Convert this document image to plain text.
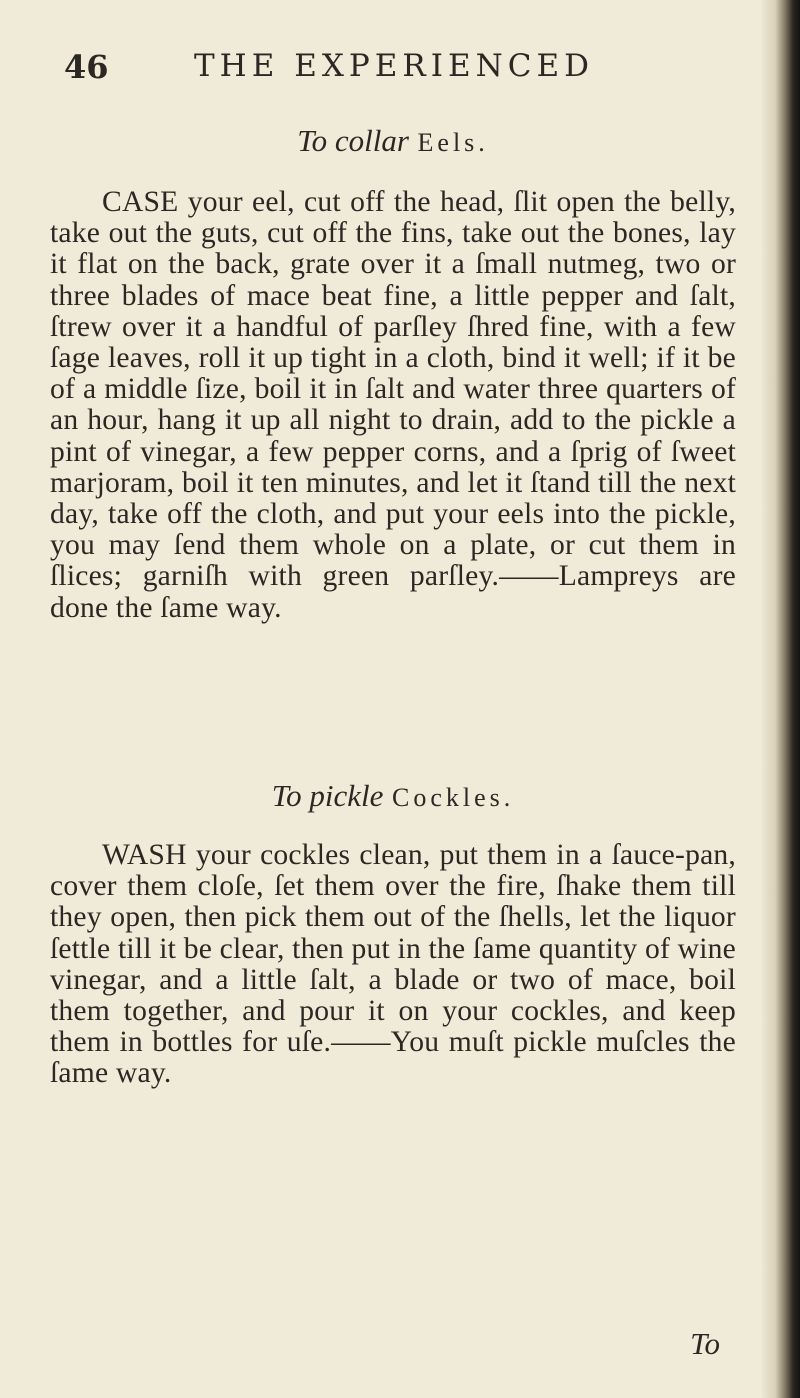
46	THE EXPERIENCED
To collar Eels.

CASE your eel, cut off the head, ſlit open the belly, take out the guts, cut off the fins, take out the bones, lay it flat on the back, grate over it a ſmall nutmeg, two or three blades of mace beat fine, a little pepper and ſalt, ſtrew over it a handful of parſley ſhred fine, with a few ſage leaves, roll it up tight in a cloth, bind it well; if it be of a middle ſize, boil it in ſalt and water three quarters of an hour, hang it up all night to drain, add to the pickle a pint of vinegar, a few pepper corns, and a ſprig of ſweet marjoram, boil it ten minutes, and let it ſtand till the next day, take off the cloth, and put your eels into the pickle, you may ſend them whole on a plate, or cut them in ſlices; garniſh with green parſley.——Lampreys are done the ſame way.

To pickle Cockles.

WASH your cockles clean, put them in a ſauce-pan, cover them cloſe, ſet them over the fire, ſhake them till they open, then pick them out of the ſhells, let the liquor ſettle till it be clear, then put in the ſame quantity of wine vinegar, and a little ſalt, a blade or two of mace, boil them together, and pour it on your cockles, and keep them in bottles for uſe.——You muſt pickle muſcles the ſame way.

To
